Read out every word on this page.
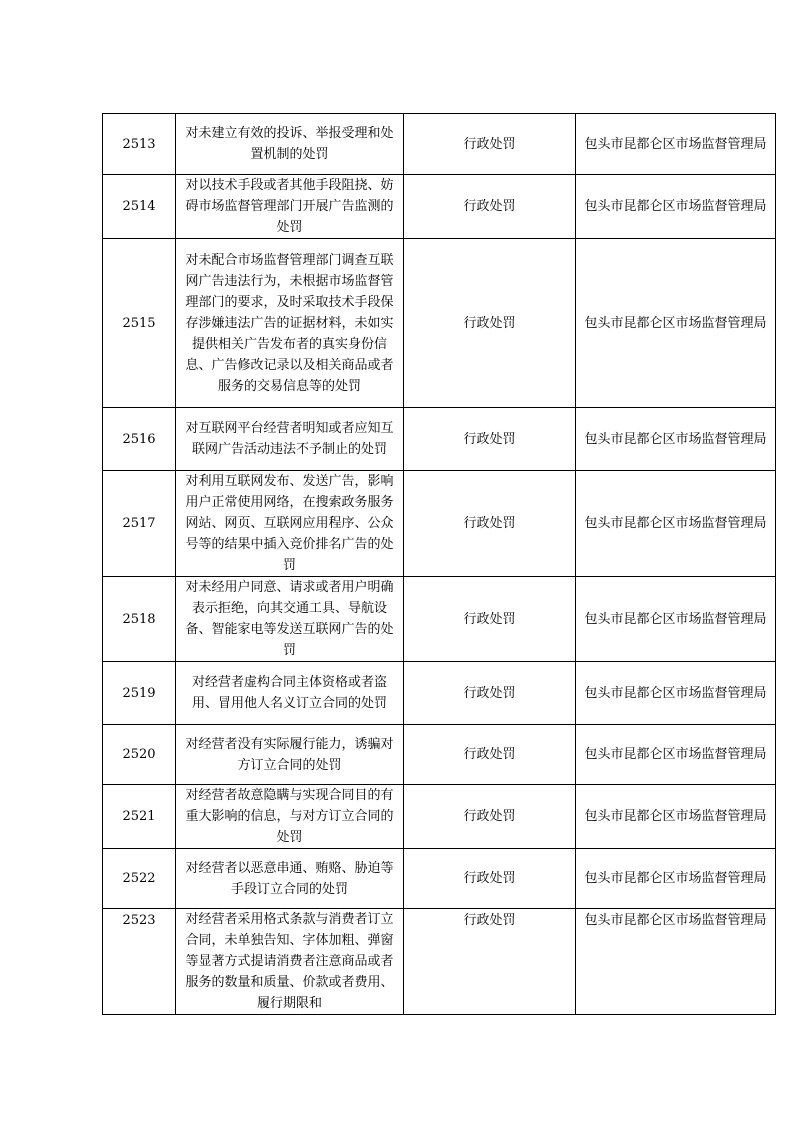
2513	对未建立有效的投诉、举报受理和处置机制的处罚	行政处罚	包头市昆都仑区市场监督管理局
2514	对以技术手段或者其他手段阻挠、妨碍市场监督管理部门开展广告监测的处罚	行政处罚	包头市昆都仑区市场监督管理局
2515	对未配合市场监督管理部门调查互联网广告违法行为，未根据市场监督管理部门的要求，及时采取技术手段保存涉嫌违法广告的证据材料，未如实提供相关广告发布者的真实身份信息、广告修改记录以及相关商品或者服务的交易信息等的处罚	行政处罚	包头市昆都仑区市场监督管理局
2516	对互联网平台经营者明知或者应知互联网广告活动违法不予制止的处罚	行政处罚	包头市昆都仑区市场监督管理局
2517	对利用互联网发布、发送广告，影响用户正常使用网络，在搜索政务服务网站、网页、互联网应用程序、公众号等的结果中插入竞价排名广告的处罚	行政处罚	包头市昆都仑区市场监督管理局
2518	对未经用户同意、请求或者用户明确表示拒绝，向其交通工具、导航设备、智能家电等发送互联网广告的处罚	行政处罚	包头市昆都仑区市场监督管理局
2519	对经营者虚构合同主体资格或者盗用、冒用他人名义订立合同的处罚	行政处罚	包头市昆都仑区市场监督管理局
2520	对经营者没有实际履行能力，诱骗对方订立合同的处罚	行政处罚	包头市昆都仑区市场监督管理局
2521	对经营者故意隐瞒与实现合同目的有重大影响的信息，与对方订立合同的处罚	行政处罚	包头市昆都仑区市场监督管理局
2522	对经营者以恶意串通、贿赂、胁迫等手段订立合同的处罚	行政处罚	包头市昆都仑区市场监督管理局
2523	对经营者采用格式条款与消费者订立合同，未单独告知、字体加粗、弹窗等显著方式提请消费者注意商品或者服务的数量和质量、价款或者费用、履行期限和	行政处罚	包头市昆都仑区市场监督管理局
